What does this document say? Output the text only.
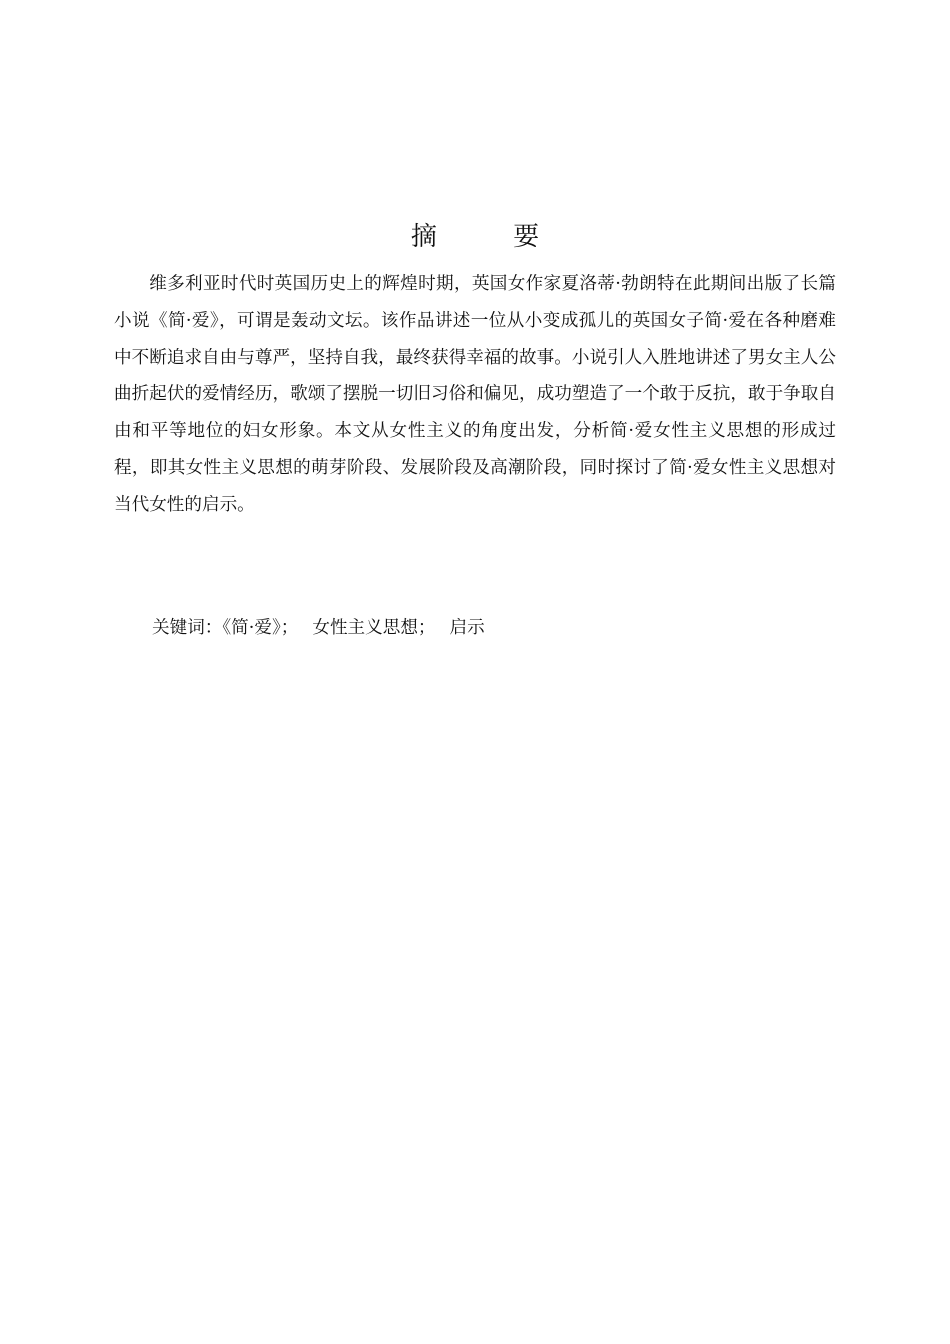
摘 要

维多利亚时代时英国历史上的辉煌时期，英国女作家夏洛蒂·勃朗特在此期间出版了长篇小说《简·爱》，可谓是轰动文坛。该作品讲述一位从小变成孤儿的英国女子简·爱在各种磨难中不断追求自由与尊严，坚持自我，最终获得幸福的故事。小说引人入胜地讲述了男女主人公曲折起伏的爱情经历，歌颂了摆脱一切旧习俗和偏见，成功塑造了一个敢于反抗，敢于争取自由和平等地位的妇女形象。本文从女性主义的角度出发，分析简·爱女性主义思想的形成过程，即其女性主义思想的萌芽阶段、发展阶段及高潮阶段，同时探讨了简·爱女性主义思想对当代女性的启示。

关键词：《简·爱》； 女性主义思想； 启示
